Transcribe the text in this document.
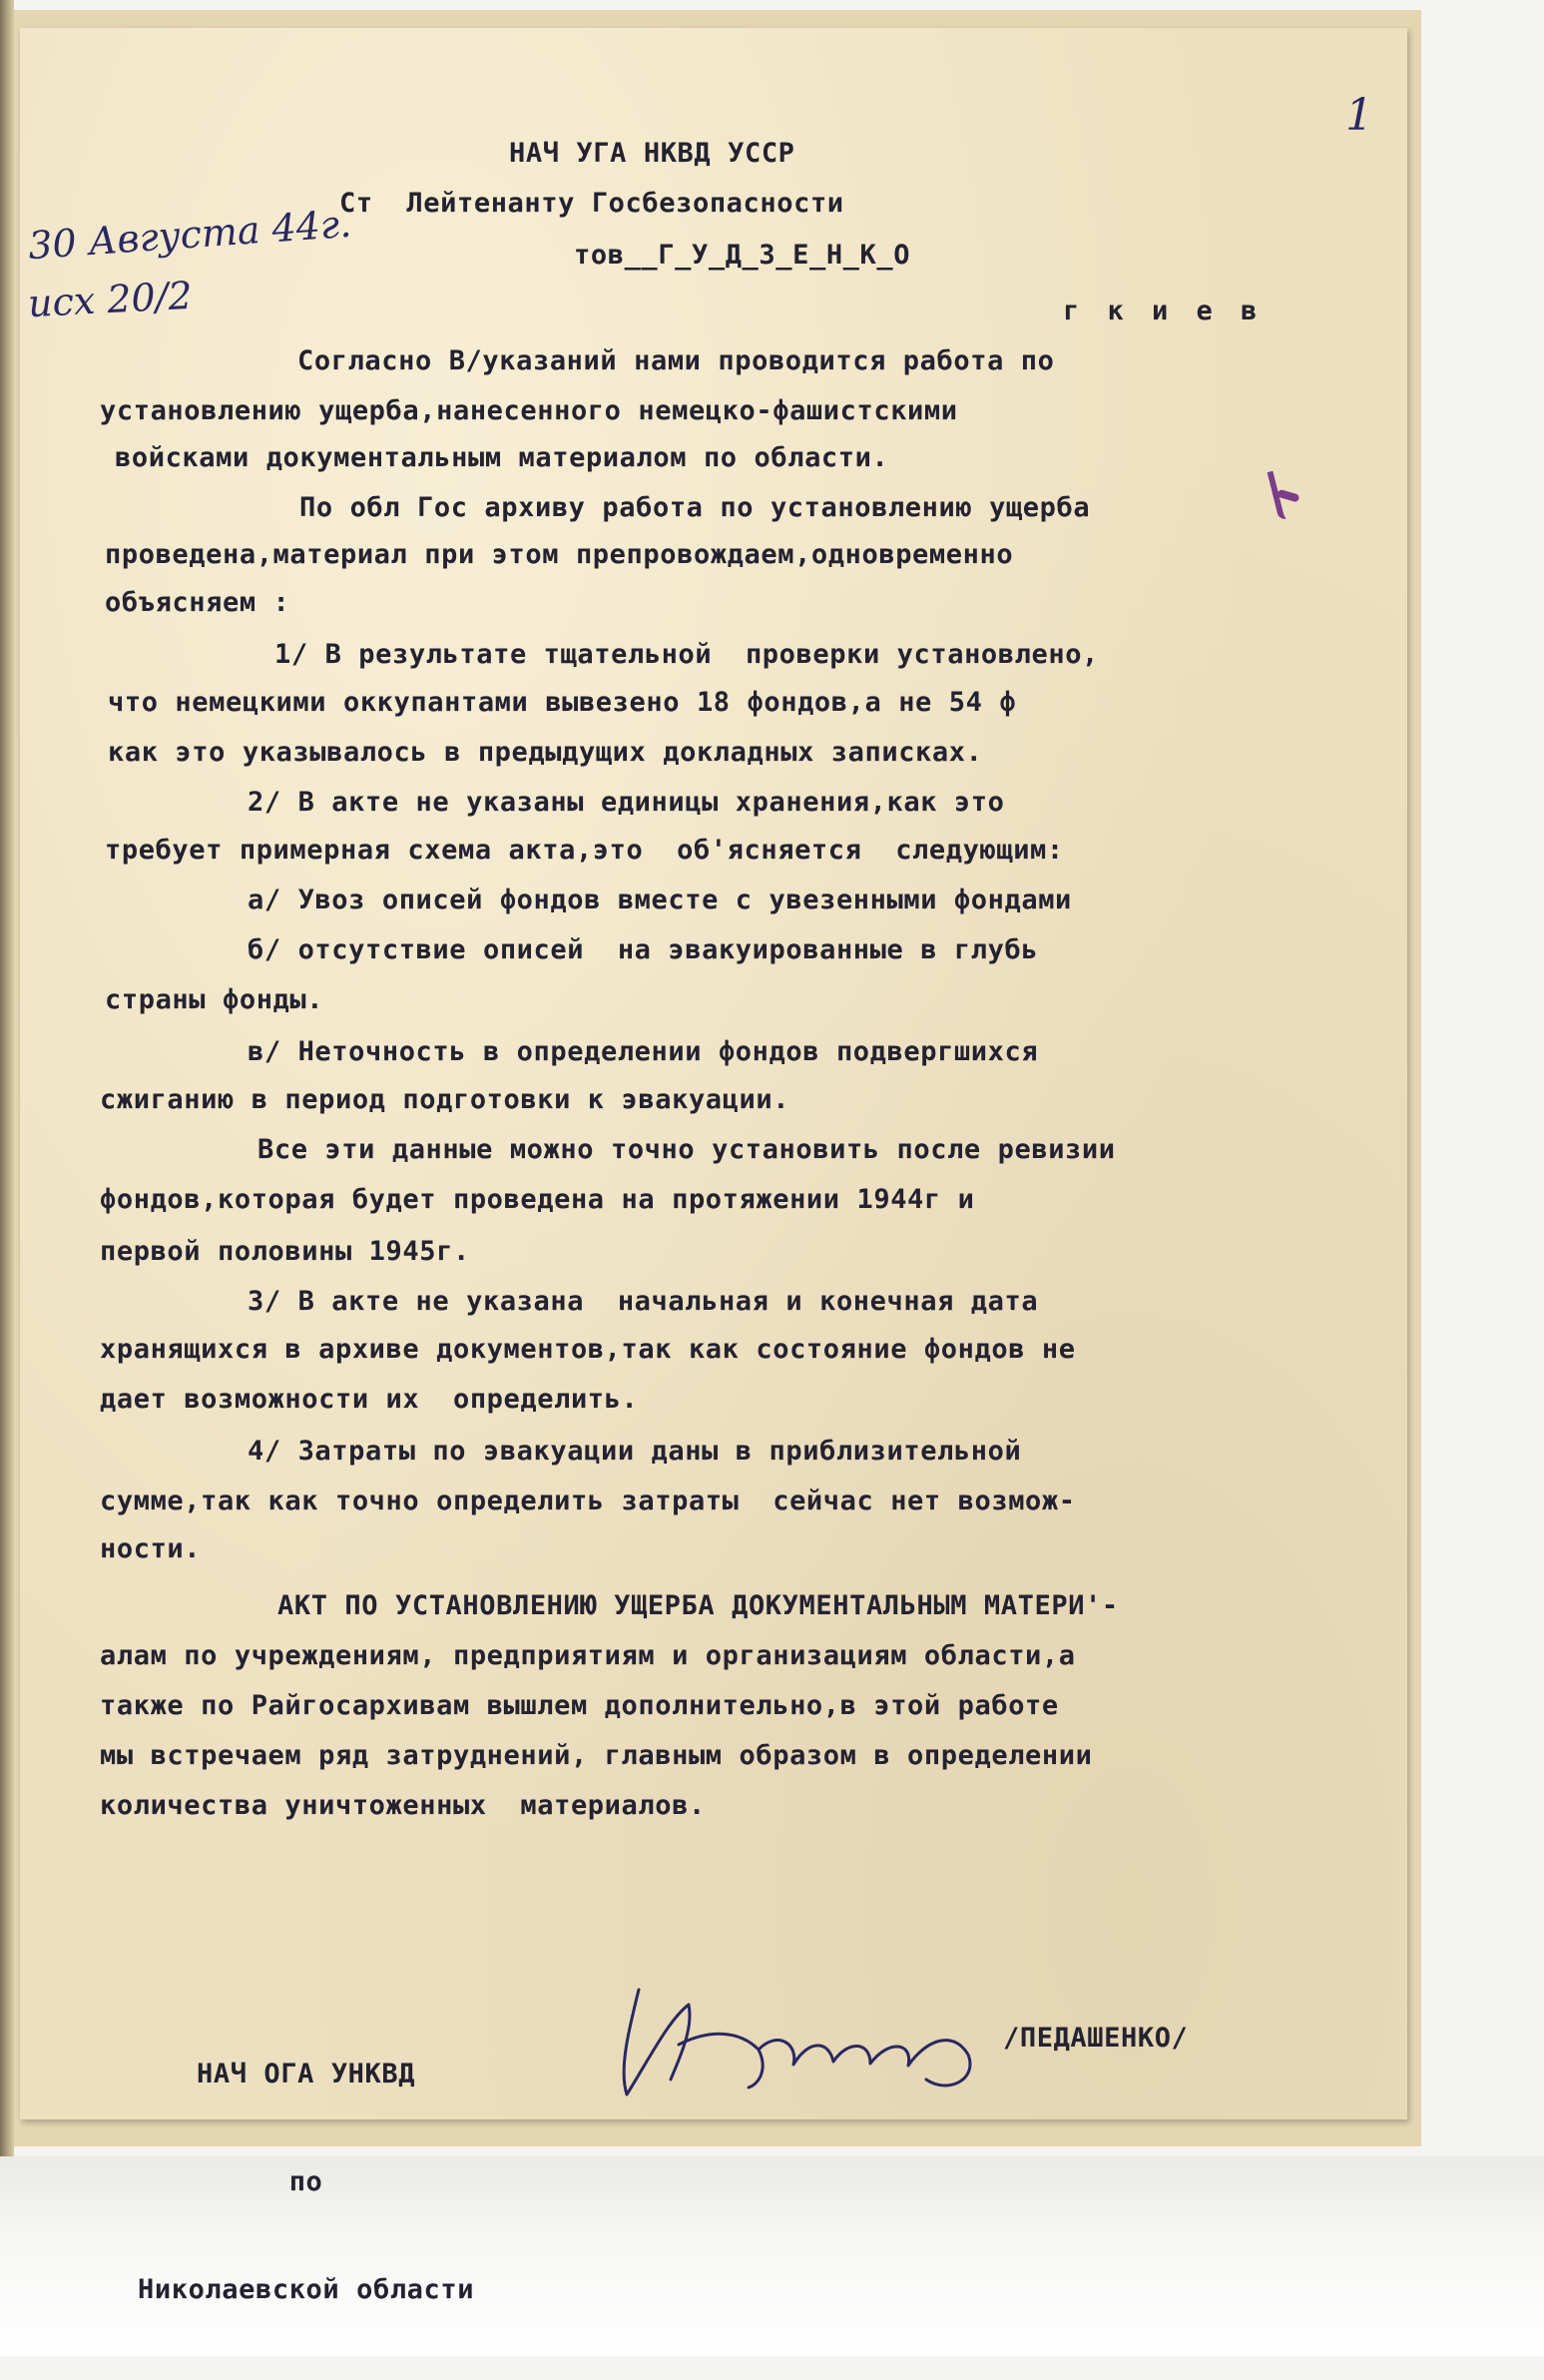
1
30 Августа 44г.
исх 20/2
НАЧ УГА НКВД УССР
Ст  Лейтенанту Госбезопасности
тов__Г_У_Д_З_Е_Н_К_О
г к и е в
Согласно В/указаний нами проводится работа по
установлению ущерба,нанесенного немецко-фашистскими
войсками документальным материалом по области.
По обл Гос архиву работа по установлению ущерба
проведена,материал при этом препровождаем,одновременно
объясняем :
1/ В результате тщательной  проверки установлено,
что немецкими оккупантами вывезено 18 фондов,а не 54 ф
как это указывалось в предыдущих докладных записках.
2/ В акте не указаны единицы хранения,как это
требует примерная схема акта,это  об'ясняется  следующим:
а/ Увоз описей фондов вместе с увезенными фондами
б/ отсутствие описей  на эвакуированные в глубь
страны фонды.
в/ Неточность в определении фондов подвергшихся
сжиганию в период подготовки к эвакуации.
Все эти данные можно точно установить после ревизии
фондов,которая будет проведена на протяжении 1944г и
первой половины 1945г.
3/ В акте не указана  начальная и конечная дата
хранящихся в архиве документов,так как состояние фондов не
дает возможности их  определить.
4/ Затраты по эвакуации даны в приблизительной
сумме,так как точно определить затраты  сейчас нет возмож-
ности.
АКТ ПО УСТАНОВЛЕНИЮ УЩЕРБА ДОКУМЕНТАЛЬНЫМ МАТЕРИ'-
алам по учреждениям, предприятиям и организациям области,а
также по Райгосархивам вышлем дополнительно,в этой работе
мы встречаем ряд затруднений, главным образом в определении
количества уничтоженных  материалов.

НАЧ ОГА УНКВД

по

Николаевской области

/ПЕДАШЕНКО/
